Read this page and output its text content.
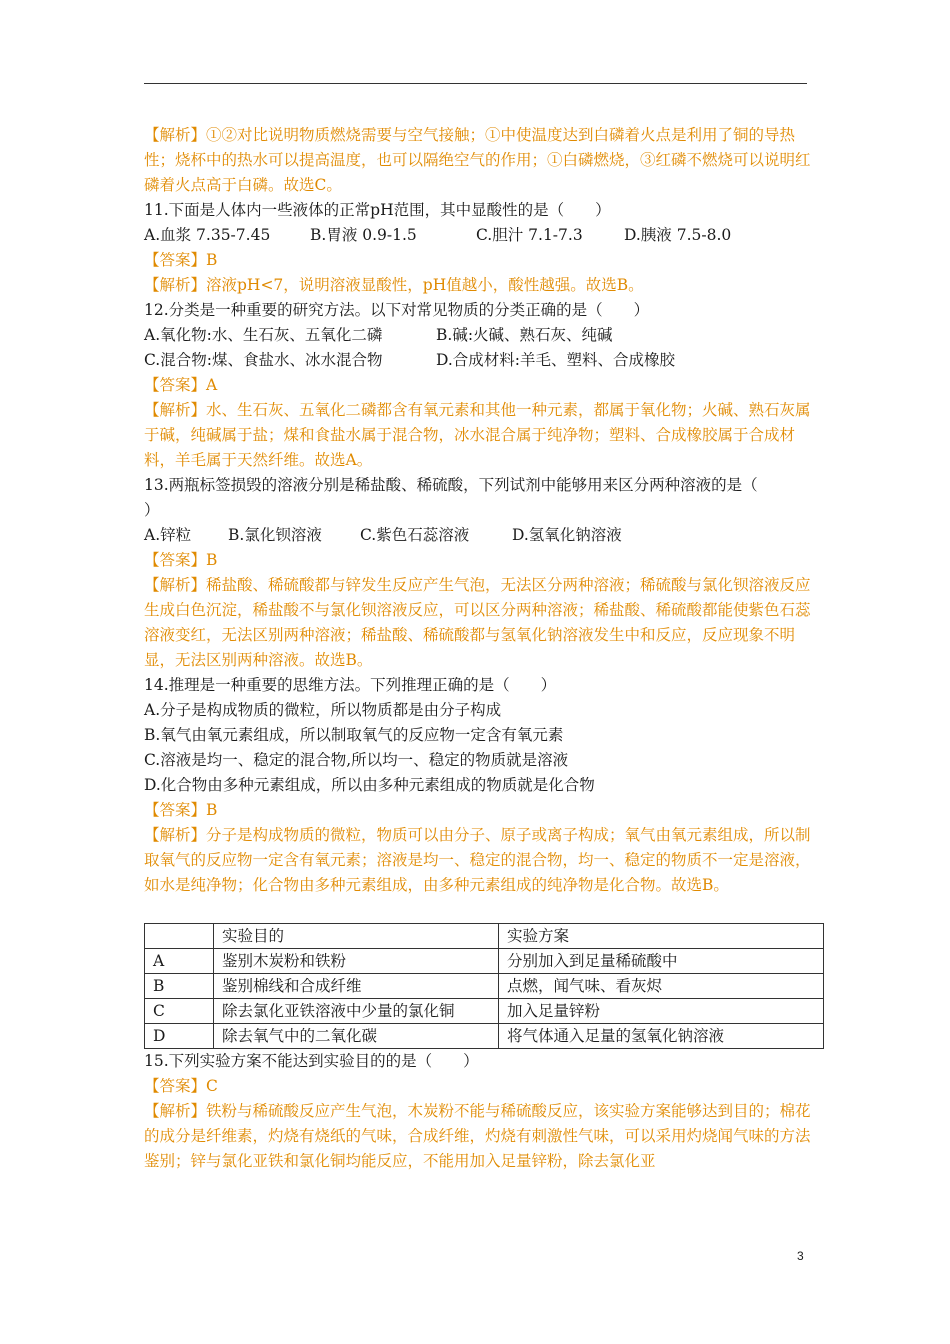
【解析】①②对比说明物质燃烧需要与空气接触；①中使温度达到白磷着火点是利用了铜的导热性；烧杯中的热水可以提高温度，也可以隔绝空气的作用；①白磷燃烧，③红磷不燃烧可以说明红磷着火点高于白磷。故选C。
11.下面是人体内一些液体的正常pH范围，其中显酸性的是（　　）
A.血浆 7.35-7.45	B.胃液 0.9-1.5	C.胆汁 7.1-7.3	D.胰液 7.5-8.0
【答案】B
【解析】溶液pH<7，说明溶液显酸性，pH值越小，酸性越强。故选B。
12.分类是一种重要的研究方法。以下对常见物质的分类正确的是（　　）
A.氧化物:水、生石灰、五氧化二磷	B.碱:火碱、熟石灰、纯碱
C.混合物:煤、食盐水、冰水混合物	D.合成材料:羊毛、塑料、合成橡胶
【答案】A
【解析】水、生石灰、五氧化二磷都含有氧元素和其他一种元素，都属于氧化物；火碱、熟石灰属于碱，纯碱属于盐；煤和食盐水属于混合物，冰水混合属于纯净物；塑料、合成橡胶属于合成材料，羊毛属于天然纤维。故选A。
13.两瓶标签损毁的溶液分别是稀盐酸、稀硫酸，下列试剂中能够用来区分两种溶液的是（
）
A.锌粒 B.氯化钡溶液 C.紫色石蕊溶液	D.氢氧化钠溶液
【答案】B
【解析】稀盐酸、稀硫酸都与锌发生反应产生气泡，无法区分两种溶液；稀硫酸与氯化钡溶液反应生成白色沉淀，稀盐酸不与氯化钡溶液反应，可以区分两种溶液；稀盐酸、稀硫酸都能使紫色石蕊溶液变红，无法区别两种溶液；稀盐酸、稀硫酸都与氢氧化钠溶液发生中和反应，反应现象不明显，无法区别两种溶液。故选B。
14.推理是一种重要的思维方法。下列推理正确的是（　　）
A.分子是构成物质的微粒，所以物质都是由分子构成
B.氧气由氧元素组成，所以制取氧气的反应物一定含有氧元素
C.溶液是均一、稳定的混合物,所以均一、稳定的物质就是溶液
D.化合物由多种元素组成，所以由多种元素组成的物质就是化合物
【答案】B
【解析】分子是构成物质的微粒，物质可以由分子、原子或离子构成；氧气由氧元素组成，所以制取氧气的反应物一定含有氧元素；溶液是均一、稳定的混合物，均一、稳定的物质不一定是溶液，如水是纯净物；化合物由多种元素组成，由多种元素组成的纯净物是化合物。故选B。
	实验目的	实验方案
A	鉴别木炭粉和铁粉	分别加入到足量稀硫酸中
B	鉴别棉线和合成纤维	点燃，闻气味、看灰烬
C	除去氯化亚铁溶液中少量的氯化铜	加入足量锌粉
D	除去氧气中的二氧化碳	将气体通入足量的氢氧化钠溶液
15.下列实验方案不能达到实验目的的是（　　）
【答案】C
【解析】铁粉与稀硫酸反应产生气泡，木炭粉不能与稀硫酸反应，该实验方案能够达到目的；棉花的成分是纤维素，灼烧有烧纸的气味，合成纤维，灼烧有刺激性气味，可以采用灼烧闻气味的方法鉴别；锌与氯化亚铁和氯化铜均能反应，不能用加入足量锌粉，除去氯化亚
3
